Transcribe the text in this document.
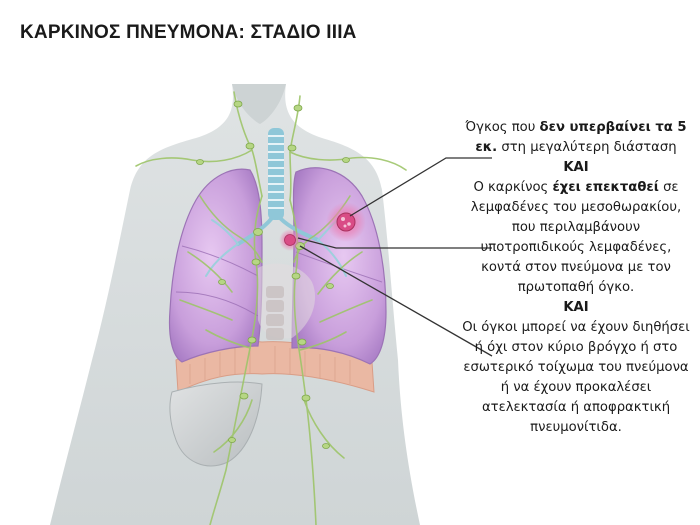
ΚΑΡΚΙΝΟΣ ΠΝΕΥΜΟΝΑ: ΣΤΑΔΙΟ IIIA

Όγκος που δεν υπερβαίνει τα 5 εκ. στη μεγαλύτερη διάσταση

ΚΑΙ

Ο καρκίνος έχει επεκταθεί σε λεμφαδένες του μεσοθωρακίου, που περιλαμβάνουν υποτροπιδικούς λεμφαδένες, κοντά στον πνεύμονα με τον πρωτοπαθή όγκο.

ΚΑΙ

Οι όγκοι μπορεί να έχουν διηθήσει ή όχι στον κύριο βρόγχο ή στο εσωτερικό τοίχωμα του πνεύμονα ή να έχουν προκαλέσει ατελεκτασία ή αποφρακτική πνευμονίτιδα.
